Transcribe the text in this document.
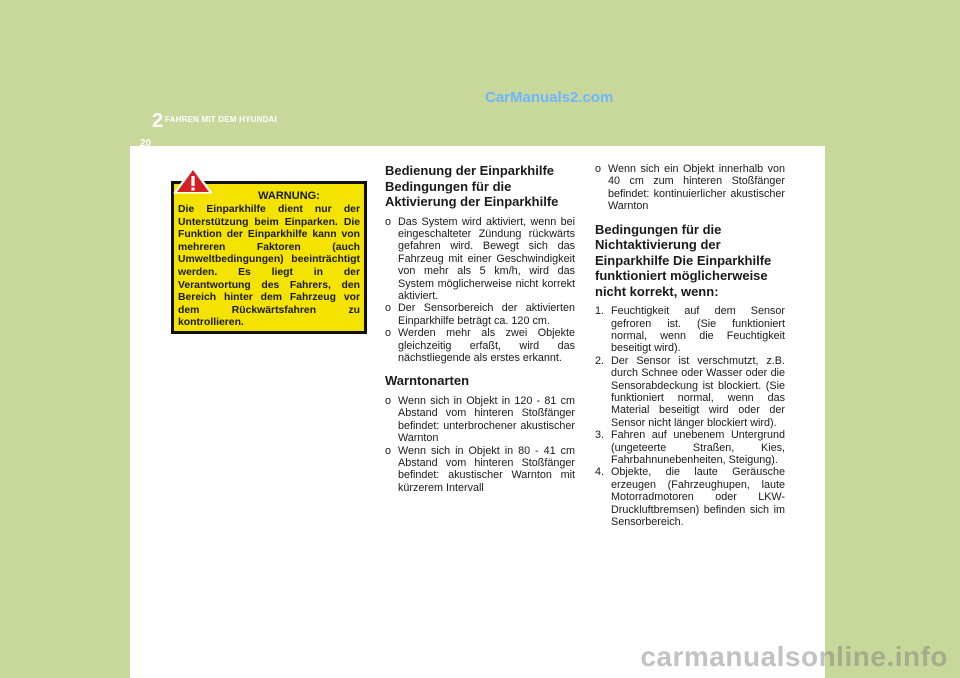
2 FAHREN MIT DEM HYUNDAI
20
CarManuals2.com
WARNUNG:
Die Einparkhilfe dient nur der Unterstützung beim Einparken. Die Funktion der Einparkhilfe kann von mehreren Faktoren (auch Umweltbedingungen) beeinträchtigt werden. Es liegt in der Verantwortung des Fahrers, den Bereich hinter dem Fahrzeug vor dem Rückwärtsfahren zu kontrollieren.
Bedienung der Einparkhilfe Bedingungen für die Aktivierung der Einparkhilfe
o Das System wird aktiviert, wenn bei eingeschalteter Zündung rückwärts gefahren wird. Bewegt sich das Fahrzeug mit einer Geschwindigkeit von mehr als 5 km/h, wird das System möglicherweise nicht korrekt aktiviert.
o Der Sensorbereich der aktivierten Einparkhilfe beträgt ca. 120 cm.
o Werden mehr als zwei Objekte gleichzeitig erfaßt, wird das nächstliegende als erstes erkannt.
Warntonarten
o Wenn sich in Objekt in 120 - 81 cm Abstand vom hinteren Stoßfänger befindet: unterbrochener akustischer Warnton
o Wenn sich in Objekt in 80 - 41 cm Abstand vom hinteren Stoßfänger befindet: akustischer Warnton mit kürzerem Intervall
o Wenn sich ein Objekt innerhalb von 40 cm zum hinteren Stoßfänger befindet: kontinuierlicher akustischer Warnton
Bedingungen für die Nichtaktivierung der Einparkhilfe Die Einparkhilfe funktioniert möglicherweise nicht korrekt, wenn:
1. Feuchtigkeit auf dem Sensor gefroren ist. (Sie funktioniert normal, wenn die Feuchtigkeit beseitigt wird).
2. Der Sensor ist verschmutzt, z.B. durch Schnee oder Wasser oder die Sensorabdeckung ist blockiert. (Sie funktioniert normal, wenn das Material beseitigt wird oder der Sensor nicht länger blockiert wird).
3. Fahren auf unebenem Untergrund (ungeteerte Straßen, Kies, Fahrbahnunebenheiten, Steigung).
4. Objekte, die laute Geräusche erzeugen (Fahrzeughupen, laute Motorradmotoren oder LKW-Druckluftbremsen) befinden sich im Sensorbereich.
carmanualsonline.info
